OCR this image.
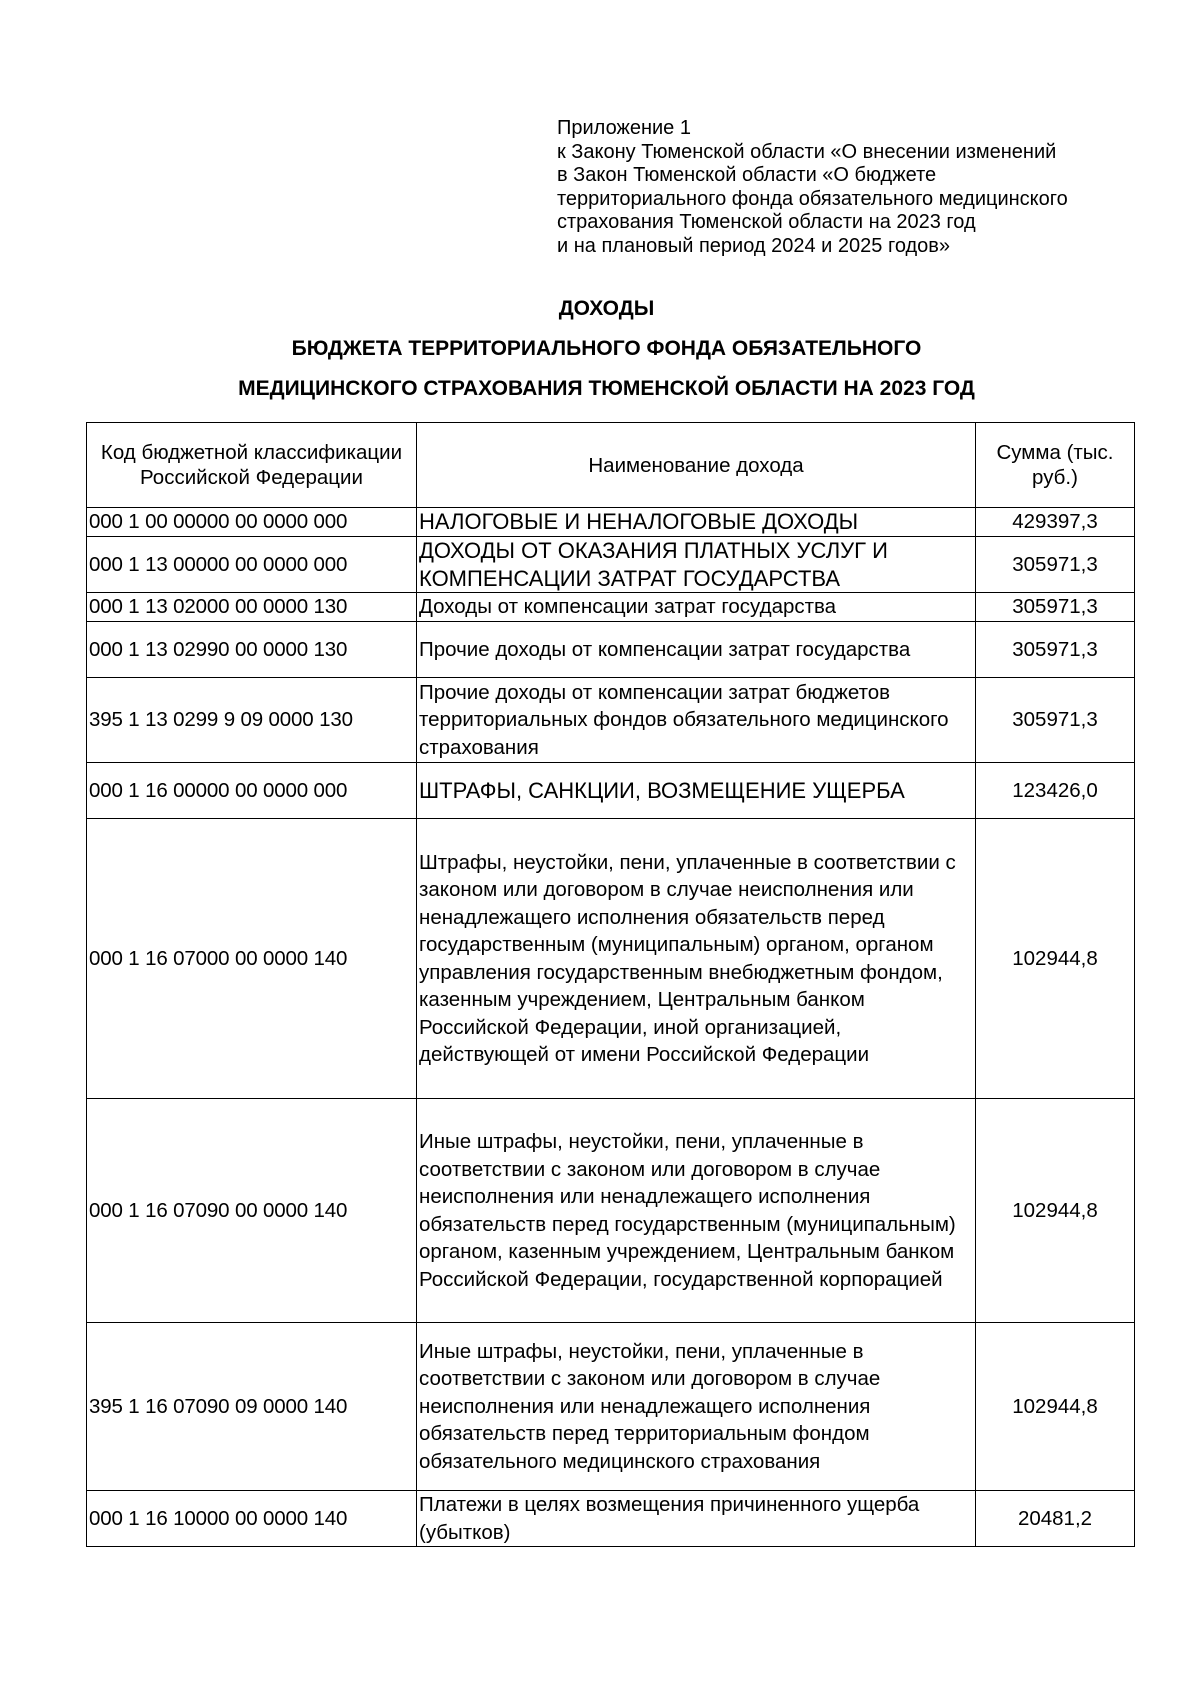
Приложение 1
к Закону Тюменской области «О внесении изменений
в Закон Тюменской области «О бюджете
территориального фонда обязательного медицинского
страхования Тюменской области на 2023 год
и на плановый период 2024 и 2025 годов»
ДОХОДЫ
БЮДЖЕТА ТЕРРИТОРИАЛЬНОГО ФОНДА ОБЯЗАТЕЛЬНОГО
МЕДИЦИНСКОГО СТРАХОВАНИЯ ТЮМЕНСКОЙ ОБЛАСТИ НА 2023 ГОД
Код бюджетной классификации Российской Федерации	Наименование дохода	Сумма (тыс. руб.)
000 1 00 00000 00 0000 000	НАЛОГОВЫЕ И НЕНАЛОГОВЫЕ ДОХОДЫ	429397,3
000 1 13 00000 00 0000 000	ДОХОДЫ ОТ ОКАЗАНИЯ ПЛАТНЫХ УСЛУГ И КОМПЕНСАЦИИ ЗАТРАТ ГОСУДАРСТВА	305971,3
000 1 13 02000 00 0000 130	Доходы от компенсации затрат государства	305971,3
000 1 13 02990 00 0000 130	Прочие доходы от компенсации затрат государства	305971,3
395 1 13 0299 9 09 0000 130	Прочие доходы от компенсации затрат бюджетов территориальных фондов обязательного медицинского страхования	305971,3
000 1 16 00000 00 0000 000	ШТРАФЫ, САНКЦИИ, ВОЗМЕЩЕНИЕ УЩЕРБА	123426,0
000 1 16 07000 00 0000 140	Штрафы, неустойки, пени, уплаченные в соответствии с законом или договором в случае неисполнения или ненадлежащего исполнения обязательств перед государственным (муниципальным) органом, органом управления государственным внебюджетным фондом, казенным учреждением, Центральным банком Российской Федерации, иной организацией, действующей от имени Российской Федерации	102944,8
000 1 16 07090 00 0000 140	Иные штрафы, неустойки, пени, уплаченные в соответствии с законом или договором в случае неисполнения или ненадлежащего исполнения обязательств перед государственным (муниципальным) органом, казенным учреждением, Центральным банком Российской Федерации, государственной корпорацией	102944,8
395 1 16 07090 09 0000 140	Иные штрафы, неустойки, пени, уплаченные в соответствии с законом или договором в случае неисполнения или ненадлежащего исполнения обязательств перед территориальным фондом обязательного медицинского страхования	102944,8
000 1 16 10000 00 0000 140	Платежи в целях возмещения причиненного ущерба (убытков)	20481,2
